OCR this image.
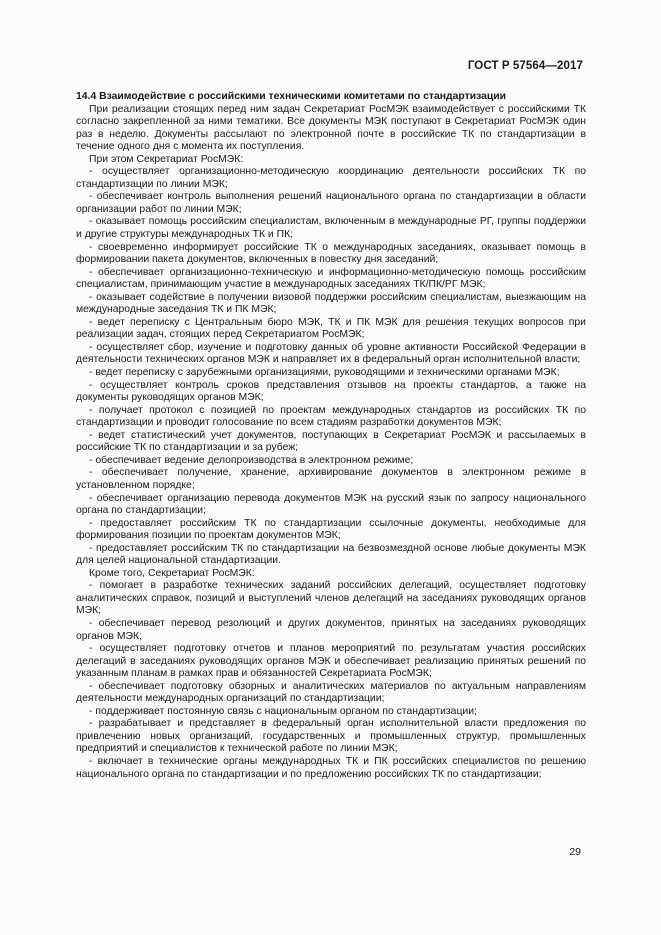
ГОСТ Р 57564—2017

14.4 Взаимодействие с российскими техническими комитетами по стандартизации

При реализации стоящих перед ним задач Секретариат РосМЭК взаимодействует с российскими ТК согласно закрепленной за ними тематики. Все документы МЭК поступают в Секретариат РосМЭК один раз в неделю. Документы рассылают по электронной почте в российские ТК по стандартизации в течение одного дня с момента их поступления.

При этом Секретариат РосМЭК:

- осуществляет организационно-методическую координацию деятельности российских ТК по стандартизации по линии МЭК;

- обеспечивает контроль выполнения решений национального органа по стандартизации в области организации работ по линии МЭК;

- оказывает помощь российским специалистам, включенным в международные РГ, группы поддержки и другие структуры международных ТК и ПК;

- своевременно информирует российские ТК о международных заседаниях, оказывает помощь в формировании пакета документов, включенных в повестку дня заседаний;

- обеспечивает организационно-техническую и информационно-методическую помощь российским специалистам, принимающим участие в международных заседаниях ТК/ПК/РГ МЭК;

- оказывает содействие в получении визовой поддержки российским специалистам, выезжающим на международные заседания ТК и ПК МЭК;

- ведет переписку с Центральным бюро МЭК, ТК и ПК МЭК для решения текущих вопросов при реализации задач, стоящих перед Секретариатом РосМЭК;

- осуществляет сбор, изучение и подготовку данных об уровне активности Российской Федерации в деятельности технических органов МЭК и направляет их в федеральный орган исполнительной власти;

- ведет переписку с зарубежными организациями, руководящими и техническими органами МЭК;

- осуществляет контроль сроков представления отзывов на проекты стандартов, а также на документы руководящих органов МЭК;

- получает протокол с позицией по проектам международных стандартов из российских ТК по стандартизации и проводит голосование по всем стадиям разработки документов МЭК;

- ведет статистический учет документов, поступающих в Секретариат РосМЭК и рассылаемых в российские ТК по стандартизации и за рубеж;

- обеспечивает ведение делопроизводства в электронном режиме;

- обеспечивает получение, хранение, архивирование документов в электронном режиме в установленном порядке;

- обеспечивает организацию перевода документов МЭК на русский язык по запросу национального органа по стандартизации;

- предоставляет российским ТК по стандартизации ссылочные документы, необходимые для формирования позиции по проектам документов МЭК;

- предоставляет российским ТК по стандартизации на безвозмездной основе любые документы МЭК для целей национальной стандартизации.

Кроме того, Секретариат РосМЭК:

- помогает в разработке технических заданий российских делегаций, осуществляет подготовку аналитических справок, позиций и выступлений членов делегаций на заседаниях руководящих органов МЭК;

- обеспечивает перевод резолюций и других документов, принятых на заседаниях руководящих органов МЭК;

- осуществляет подготовку отчетов и планов мероприятий по результатам участия российских делегаций в заседаниях руководящих органов МЭК и обеспечивает реализацию принятых решений по указанным планам в рамках прав и обязанностей Секретариата РосМЭК;

- обеспечивает подготовку обзорных и аналитических материалов по актуальным направлениям деятельности международных организаций по стандартизации;

- поддерживает постоянную связь с национальным органом по стандартизации;

- разрабатывает и представляет в федеральный орган исполнительной власти предложения по привлечению новых организаций, государственных и промышленных структур, промышленных предприятий и специалистов к технической работе по линии МЭК;

- включает в технические органы международных ТК и ПК российских специалистов по решению национального органа по стандартизации и по предложению российских ТК по стандартизации;

29
